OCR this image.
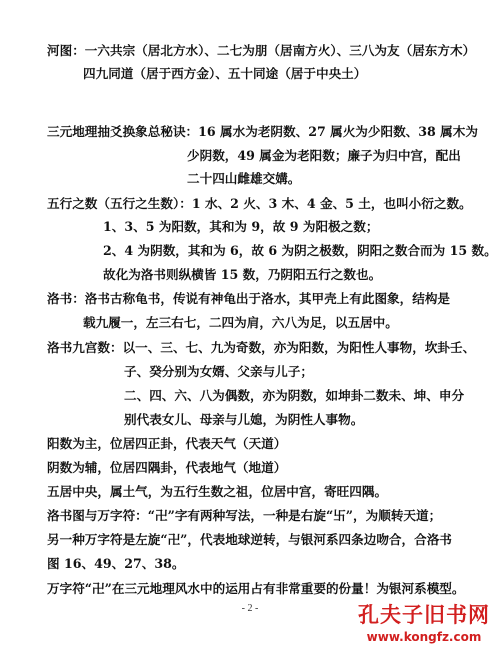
河图：一六共宗（居北方水）、二七为朋（居南方火）、三八为友（居东方木）
四九同道（居于西方金）、五十同途（居于中央土）
三元地理抽爻换象总秘诀：16 属水为老阴数、27 属火为少阳数、38 属木为
少阴数，49 属金为老阳数；廉子为归中宫，配出
二十四山雌雄交媾。
五行之数（五行之生数）：1 水、2 火、3 木、4 金、5 土，也叫小衍之数。
1、3、5 为阳数，其和为 9，故 9 为阳极之数；
2、4 为阴数，其和为 6，故 6 为阴之极数，阴阳之数合而为 15 数。
故化为洛书则纵横皆 15 数，乃阴阳五行之数也。
洛书：洛书古称龟书，传说有神龟出于洛水，其甲壳上有此图象，结构是
载九履一，左三右七，二四为肩，六八为足，以五居中。
洛书九宫数：以一、三、七、九为奇数，亦为阳数，为阳性人事物，坎卦壬、
子、癸分别为女婿、父亲与儿子；
二、四、六、八为偶数，亦为阴数，如坤卦二数未、坤、申分
别代表女儿、母亲与儿媳，为阴性人事物。
阳数为主，位居四正卦，代表天气（天道）
阴数为辅，位居四隅卦，代表地气（地道）
五居中央，属土气，为五行生数之祖，位居中宫，寄旺四隅。
洛书图与万字符：“卍”字有两种写法，一种是右旋“卐”，为顺转天道；
另一种万字符是左旋“卍”，代表地球逆转，与银河系四条边吻合，合洛书
图 16、49、27、38。
万字符“卍”在三元地理风水中的运用占有非常重要的份量！为银河系模型。
- 2 -	孔夫子旧书网
www.kongfz.com
